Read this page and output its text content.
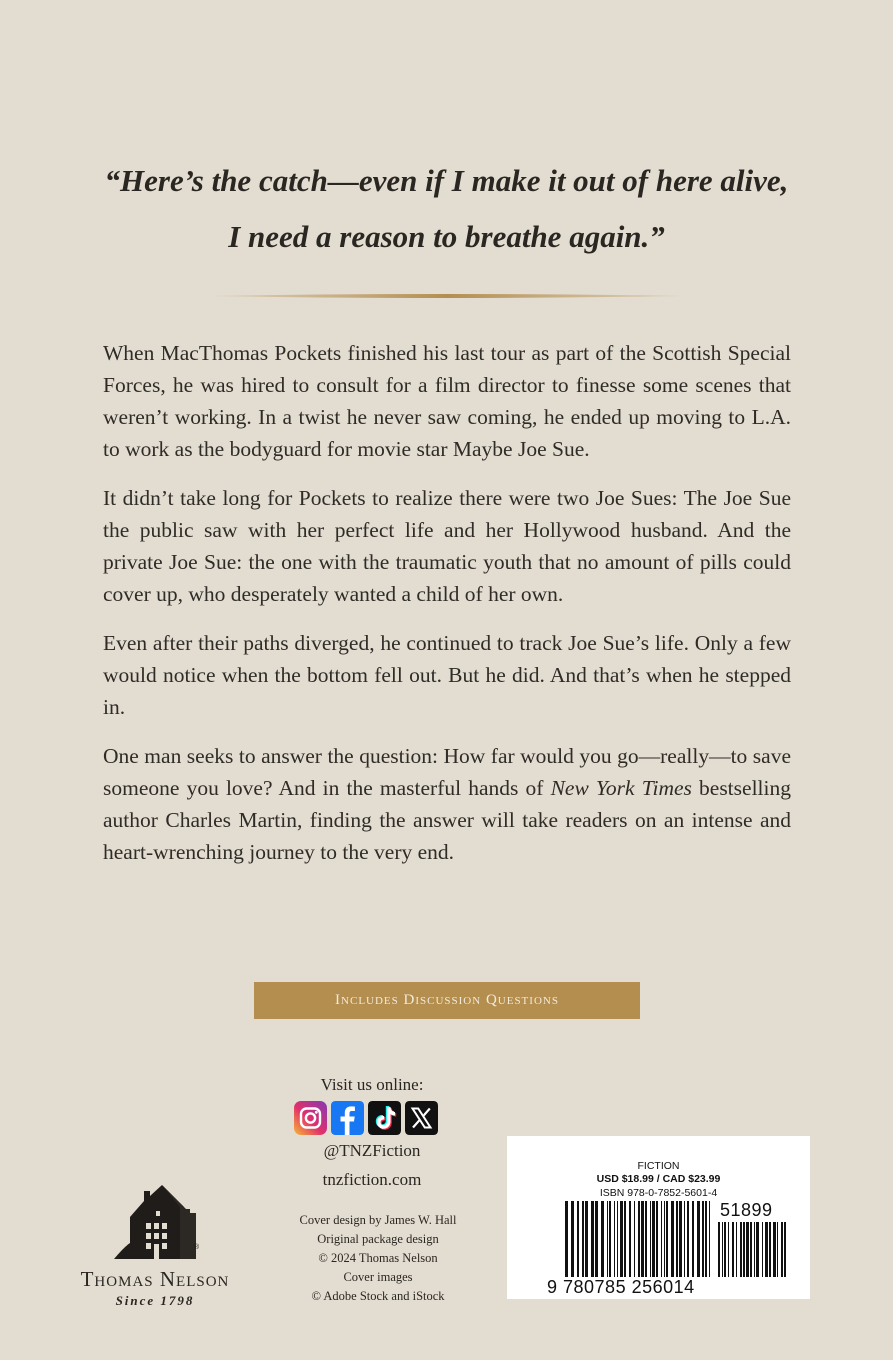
“Here’s the catch—even if I make it out of here alive,
I need a reason to breathe again.”

When MacThomas Pockets finished his last tour as part of the Scottish Special Forces, he was hired to consult for a film director to finesse some scenes that weren’t working. In a twist he never saw coming, he ended up moving to L.A. to work as the bodyguard for movie star Maybe Joe Sue.

It didn’t take long for Pockets to realize there were two Joe Sues: The Joe Sue the public saw with her perfect life and her Hollywood husband. And the private Joe Sue: the one with the traumatic youth that no amount of pills could cover up, who desperately wanted a child of her own.

Even after their paths diverged, he continued to track Joe Sue’s life. Only a few would notice when the bottom fell out. But he did. And that’s when he stepped in.

One man seeks to answer the question: How far would you go—really—to save someone you love? And in the masterful hands of New York Times bestselling author Charles Martin, finding the answer will take readers on an intense and heart-wrenching journey to the very end.

Includes Discussion Questions
Visit us online:
@TNZFiction
tnzfiction.com
Cover design by James W. Hall
Original package design
© 2024 Thomas Nelson
Cover images
© Adobe Stock and iStock
®
Thomas Nelson
Since 1798
FICTION
USD $18.99 / CAD $23.99
ISBN 978-0-7852-5601-4
51899
9 780785 256014
